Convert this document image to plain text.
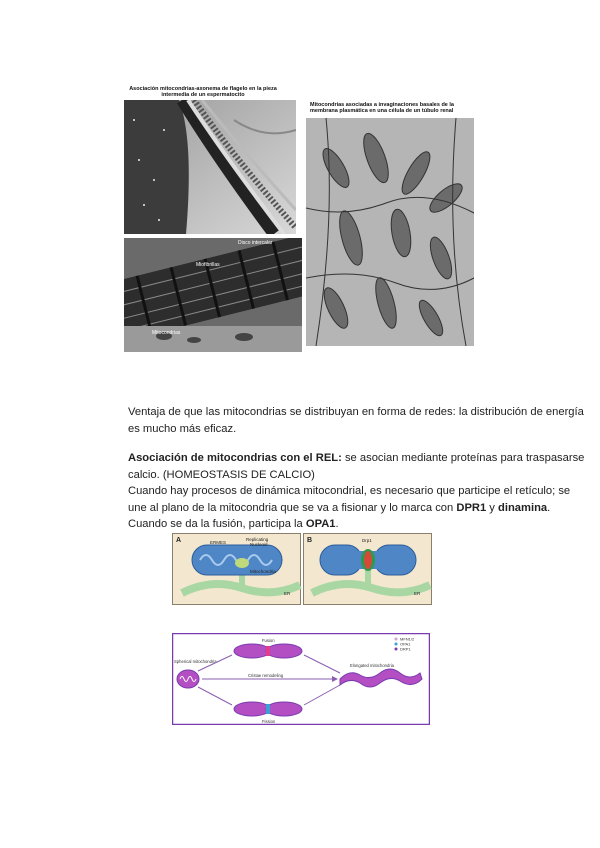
Asociación mitocondrias-axonema de flagelo en la pieza intermedia de un espermatocito
Disco intercalar
Miofibrillas
Mitocondrias
Mitocondrias asociadas a invaginaciones basales de la membrana plasmática en una célula de un túbulo renal
Ventaja de que las mitocondrias se distribuyan en forma de redes: la distribución de energía
es mucho más eficaz.
Asociación de mitocondrias con el REL: se asocian mediante proteínas para traspasarse
calcio. (HOMEOSTASIS DE CALCIO)
Cuando hay procesos de dinámica mitocondrial, es necesario que participe el retículo; se
une al plano de la mitocondria que se va a fisionar y lo marca con DPR1 y dinamina.
Cuando se da la fusión, participa la OPA1.
A	ERMES
Replicating
Nucleoid
Mitochondria
ER
B	Drp1
ER
MFN1/2
OPA1
DRP1
Spherical mitochondria
Fusion
Fission
Cristae remodeling
Elongated mitochondria
